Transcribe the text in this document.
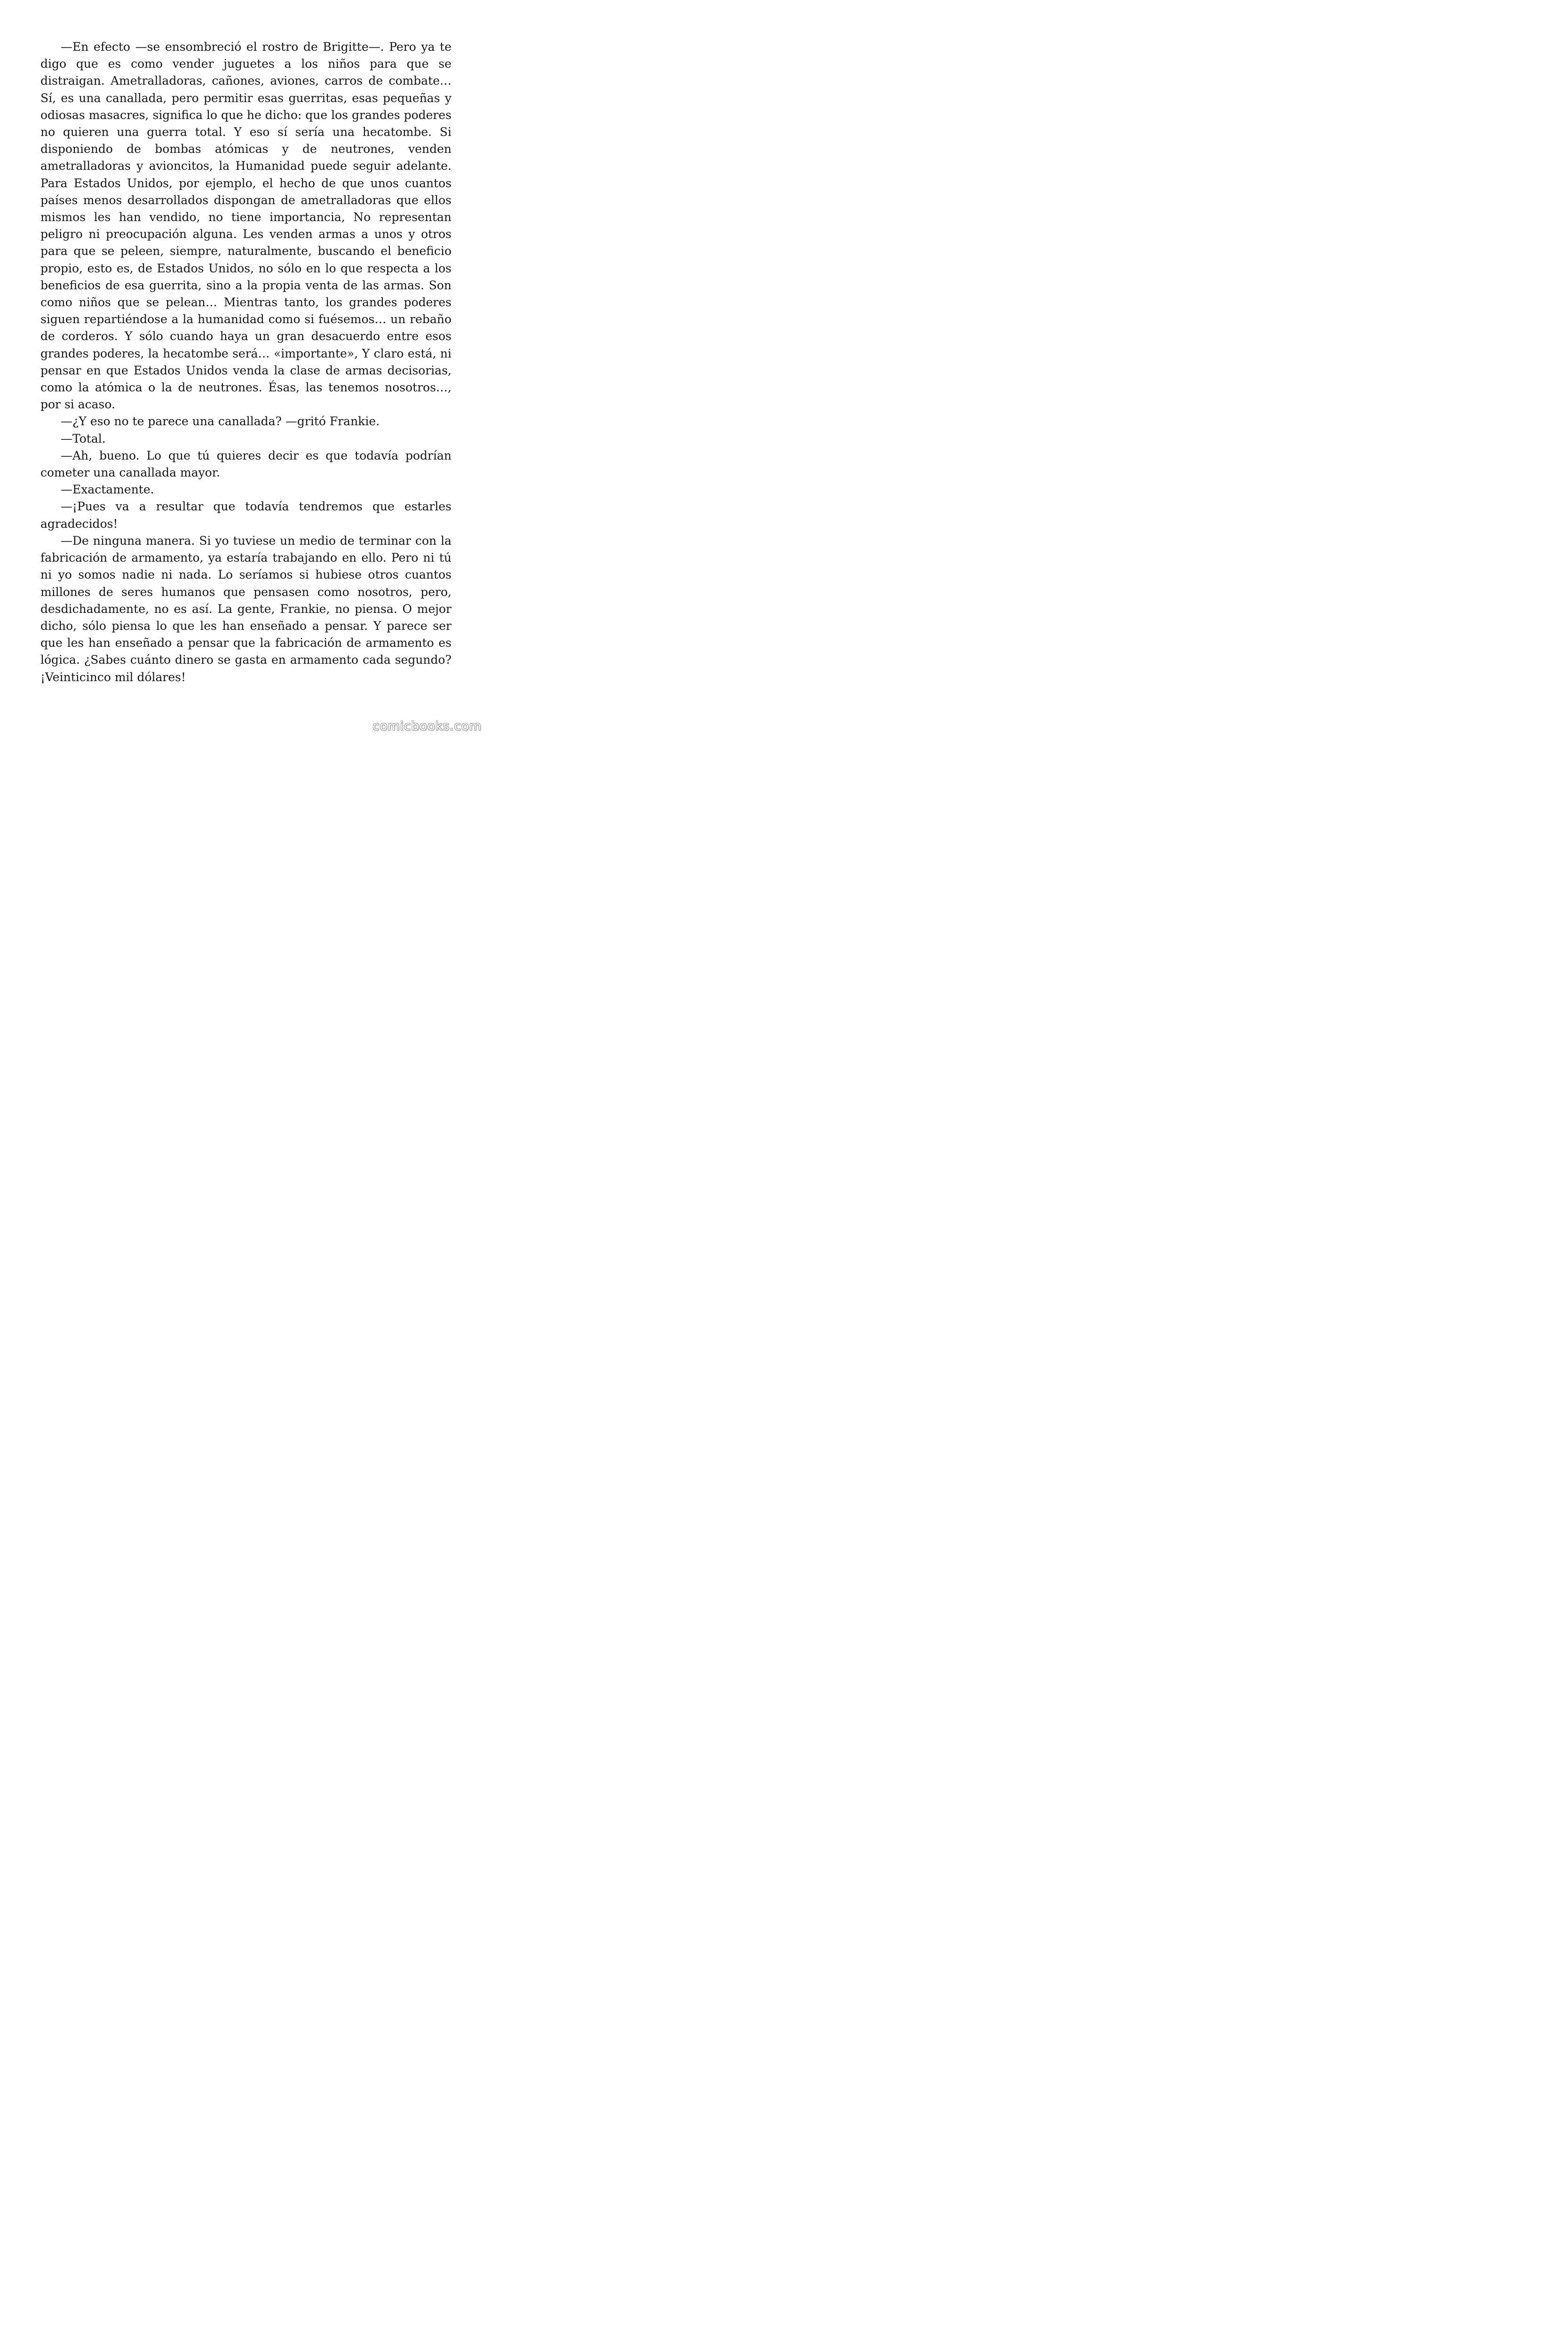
—En efecto —se ensombreció el rostro de Brigitte—. Pero ya te digo que es como vender juguetes a los niños para que se distraigan. Ametralladoras, cañones, aviones, carros de combate… Sí, es una canallada, pero permitir esas guerritas, esas pequeñas y odiosas masacres, significa lo que he dicho: que los grandes poderes no quieren una guerra total. Y eso sí sería una hecatombe. Si disponiendo de bombas atómicas y de neutrones, venden ametralladoras y avioncitos, la Humanidad puede seguir adelante. Para Estados Unidos, por ejemplo, el hecho de que unos cuantos países menos desarrollados dispongan de ametralladoras que ellos mismos les han vendido, no tiene importancia, No representan peligro ni preocupación alguna. Les venden armas a unos y otros para que se peleen, siempre, naturalmente, buscando el beneficio propio, esto es, de Estados Unidos, no sólo en lo que respecta a los beneficios de esa guerrita, sino a la propia venta de las armas. Son como niños que se pelean… Mientras tanto, los grandes poderes siguen repartiéndose a la humanidad como si fuésemos… un rebaño de corderos. Y sólo cuando haya un gran desacuerdo entre esos grandes poderes, la hecatombe será… «importante», Y claro está, ni pensar en que Estados Unidos venda la clase de armas decisorias, como la atómica o la de neutrones. Ésas, las tenemos nosotros…, por si acaso.

—¿Y eso no te parece una canallada? —gritó Frankie.

—Total.

—Ah, bueno. Lo que tú quieres decir es que todavía podrían cometer una canallada mayor.

—Exactamente.

—¡Pues va a resultar que todavía tendremos que estarles agradecidos!

—De ninguna manera. Si yo tuviese un medio de terminar con la fabricación de armamento, ya estaría trabajando en ello. Pero ni tú ni yo somos nadie ni nada. Lo seríamos si hubiese otros cuantos millones de seres humanos que pensasen como nosotros, pero, desdichadamente, no es así. La gente, Frankie, no piensa. O mejor dicho, sólo piensa lo que les han enseñado a pensar. Y parece ser que les han enseñado a pensar que la fabricación de armamento es lógica. ¿Sabes cuánto dinero se gasta en armamento cada segundo? ¡Veinticinco mil dólares!

comicbooks.com
